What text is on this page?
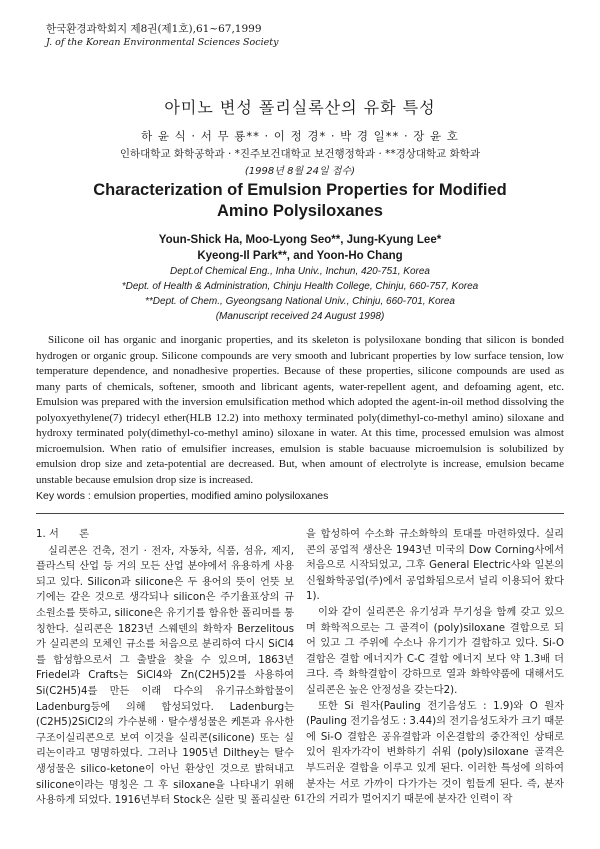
한국환경과학회지 제8권(제1호),61~67,1999
J. of the Korean Environmental Sciences Society
아미노 변성 폴리실록산의 유화 특성
하 윤 식 · 서 무 룡** · 이 정 경* · 박 경 일** · 장 윤 호
인하대학교 화학공학과 · *진주보건대학교 보건행정학과 · **경상대학교 화학과
(1998년 8월 24일 접수)
Characterization of Emulsion Properties for Modified
Amino Polysiloxanes
Youn-Shick Ha, Moo-Lyong Seo**, Jung-Kyung Lee*
Kyeong-Il Park**, and Yoon-Ho Chang
Dept.of Chemical Eng., Inha Univ., Inchun, 420-751, Korea
*Dept. of Health & Administration, Chinju Health College, Chinju, 660-757, Korea
**Dept. of Chem., Gyeongsang National Univ., Chinju, 660-701, Korea
(Manuscript received 24 August 1998)
Silicone oil has organic and inorganic properties, and its skeleton is polysiloxane bonding that silicon is bonded hydrogen or organic group. Silicone compounds are very smooth and lubricant properties by low surface tension, low temperature dependence, and nonadhesive properties. Because of these properties, silicone compounds are used as many parts of chemicals, softener, smooth and libricant agents, water-repellent agent, and defoaming agent, etc. Emulsion was prepared with the inversion emulsification method which adopted the agent-in-oil method dissolving the polyoxyethylene(7) tridecyl ether(HLB 12.2) into methoxy terminated poly(dimethyl-co-methyl amino) siloxane and hydroxy terminated poly(dimethyl-co-methyl amino) siloxane in water. At this time, processed emulsion was almost microemulsion. When ratio of emulsifier increases, emulsion is stable bacuause microemulsion is solubilized by emulsion drop size and zeta-potential are decreased. But, when amount of electrolyte is increase, emulsion became unstable because emulsion drop size is increased.
Key words : emulsion properties, modified amino polysiloxanes

1. 서　　론

실리콘은 건축, 전기 · 전자, 자동차, 식품, 섬유, 제지, 플라스틱 산업 등 거의 모든 산업 분야에서 유용하게 사용되고 있다. Silicon과 silicone은 두 용어의 뜻이 언뜻 보기에는 같은 것으로 생각되나 silicon은 주기율표상의 규소원소를 뜻하고, silicone은 유기기를 함유한 폴리머를 통칭한다. 실리콘은 1823년 스웨덴의 화학자 Berzelitous가 실리콘의 모체인 규소를 처음으로 분리하여 다시 SiCl4를 합성함으로서 그 출발을 찾을 수 있으며, 1863년 Friedel과 Crafts는 SiCl4와 Zn(C2H5)2를 사용하여 Si(C2H5)4를 만든 이래 다수의 유기규소화합물이 Ladenburg등에 의해 합성되었다. Ladenburg는 (C2H5)2SiCl2의 가수분해 · 탈수생성물은 케톤과 유사한 구조이실리콘으로 보여 이것을 실리콘(silicone) 또는 실리논이라고 명명하였다. 그러나 1905년 Dilthey는 탈수생성물은 silico-ketone이 아닌 환상인 것으로 밝혀내고 silicone이라는 명칭은 그 후 siloxane을 나타내기 위해 사용하게 되었다. 1916년부터 Stock은 실란 및 폴리실란

을 합성하여 수소화 규소화학의 토대를 마련하였다. 실리콘의 공업적 생산은 1943년 미국의 Dow Corning사에서 처음으로 시작되었고, 그후 General Electric사와 일본의 신월화학공업(주)에서 공업화됨으로서 널리 이용되어 왔다1).

이와 같이 실리콘은 유기성과 무기성을 함께 갖고 있으며 화학적으로는 그 골격이 (poly)siloxane 결합으로 되어 있고 그 주위에 수소나 유기기가 결합하고 있다. Si-O 결합은 결합 에너지가 C-C 결합 에너지 보다 약 1.3배 더 크다. 즉 화학결합이 강하므로 열과 화학약품에 대해서도 실리콘은 높은 안정성을 갖는다2).

또한 Si 원자(Pauling 전기음성도 : 1.9)와 O 원자(Pauling 전기음성도 : 3.44)의 전기음성도차가 크기 때문에 Si-O 결합은 공유결합과 이온결합의 중간적인 상태로 있어 원자가각이 변화하기 쉬워 (poly)siloxane 골격은 부드러운 결합을 이루고 있게 된다. 이러한 특성에 의하여 분자는 서로 가까이 다가가는 것이 힘들게 된다. 즉, 분자간의 거리가 멀어지기 때문에 분자간 인력이 작

61
